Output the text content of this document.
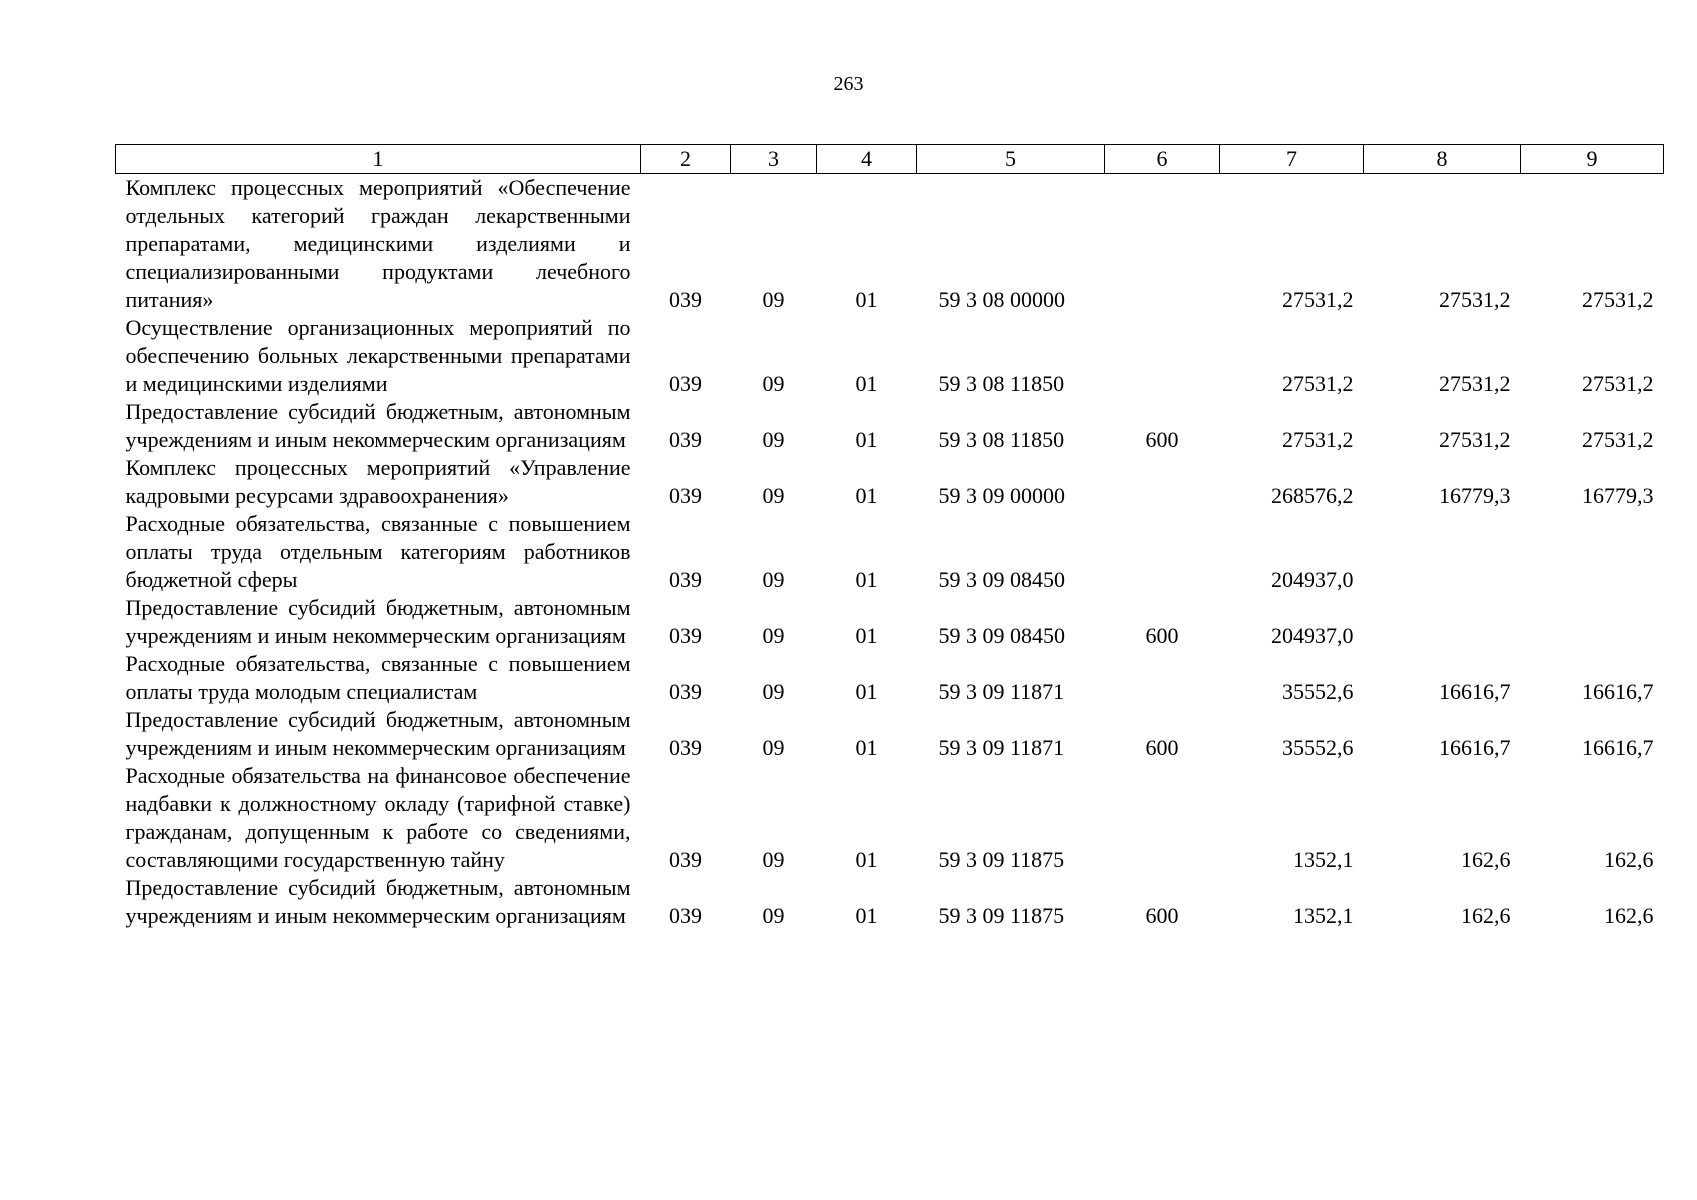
263
1	2	3	4	5	6	7	8	9
Комплекс процессных мероприятий «Обеспечение отдельных категорий граждан лекарственными препаратами, медицинскими изделиями и специализированными продуктами лечебного питания»	039	09	01	59 3 08 00000		27531,2	27531,2	27531,2
Осуществление организационных мероприятий по обеспечению больных лекарственными препаратами и медицинскими изделиями	039	09	01	59 3 08 11850		27531,2	27531,2	27531,2
Предоставление субсидий бюджетным, автономным учреждениям и иным некоммерческим организациям	039	09	01	59 3 08 11850	600	27531,2	27531,2	27531,2
Комплекс процессных мероприятий «Управление кадровыми ресурсами здравоохранения»	039	09	01	59 3 09 00000		268576,2	16779,3	16779,3
Расходные обязательства, связанные с повышением оплаты труда отдельным категориям работников бюджетной сферы	039	09	01	59 3 09 08450		204937,0		
Предоставление субсидий бюджетным, автономным учреждениям и иным некоммерческим организациям	039	09	01	59 3 09 08450	600	204937,0		
Расходные обязательства, связанные с повышением оплаты труда молодым специалистам	039	09	01	59 3 09 11871		35552,6	16616,7	16616,7
Предоставление субсидий бюджетным, автономным учреждениям и иным некоммерческим организациям	039	09	01	59 3 09 11871	600	35552,6	16616,7	16616,7
Расходные обязательства на финансовое обеспечение надбавки к должностному окладу (тарифной ставке) гражданам, допущенным к работе со сведениями, составляющими государственную тайну	039	09	01	59 3 09 11875		1352,1	162,6	162,6
Предоставление субсидий бюджетным, автономным учреждениям и иным некоммерческим организациям	039	09	01	59 3 09 11875	600	1352,1	162,6	162,6
